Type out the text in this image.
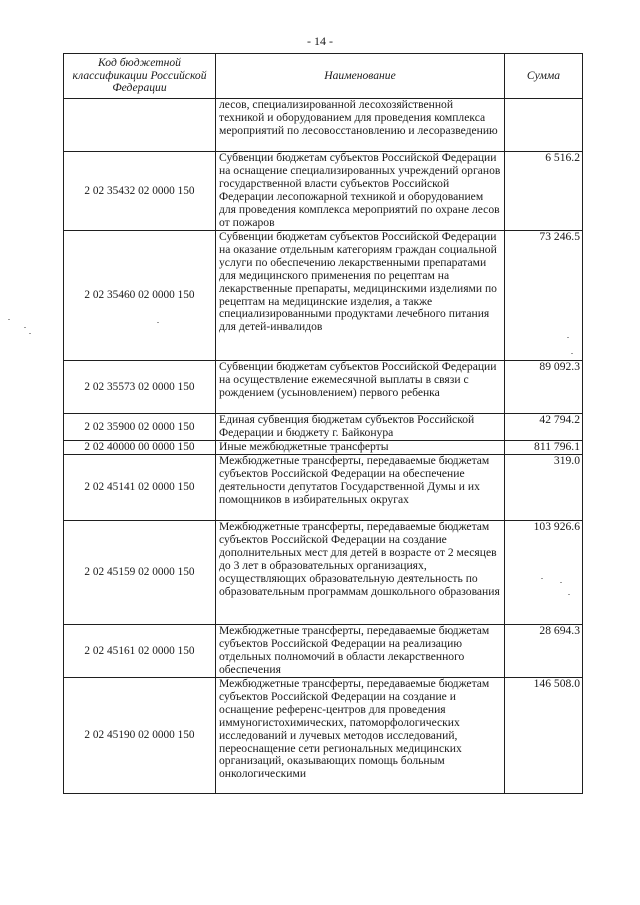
- 14 -
Код бюджетной классификации Российской Федерации	Наименование	Сумма
	лесов, специализированной лесохозяйственной техникой и оборудованием для проведения комплекса мероприятий по лесовосстановлению и лесоразведению	
2 02 35432 02 0000 150	Субвенции бюджетам субъектов Российской Федерации на оснащение специализированных учреждений органов государственной власти субъектов Российской Федерации лесопожарной техникой и оборудованием для проведения комплекса мероприятий по охране лесов от пожаров	6 516.2
2 02 35460 02 0000 150	Субвенции бюджетам субъектов Российской Федерации на оказание отдельным категориям граждан социальной услуги по обеспечению лекарственными препаратами для медицинского применения по рецептам на лекарственные препараты, медицинскими изделиями по рецептам на медицинские изделия, а также специализированными продуктами лечебного питания для детей-инвалидов	73 246.5
2 02 35573 02 0000 150	Субвенции бюджетам субъектов Российской Федерации на осуществление ежемесячной выплаты в связи с рождением (усыновлением) первого ребенка	89 092.3
2 02 35900 02 0000 150	Единая субвенция бюджетам субъектов Российской Федерации и бюджету г. Байконура	42 794.2
2 02 40000 00 0000 150	Иные межбюджетные трансферты	811 796.1
2 02 45141 02 0000 150	Межбюджетные трансферты, передаваемые бюджетам субъектов Российской Федерации на обеспечение деятельности депутатов Государственной Думы и их помощников в избирательных округах	319.0
2 02 45159 02 0000 150	Межбюджетные трансферты, передаваемые бюджетам субъектов Российской Федерации на создание дополнительных мест для детей в возрасте от 2 месяцев до 3 лет в образовательных организациях, осуществляющих образовательную деятельность по образовательным программам дошкольного образования	103 926.6
2 02 45161 02 0000 150	Межбюджетные трансферты, передаваемые бюджетам субъектов Российской Федерации на реализацию отдельных полномочий в области лекарственного обеспечения	28 694.3
2 02 45190 02 0000 150	Межбюджетные трансферты, передаваемые бюджетам субъектов Российской Федерации на создание и оснащение референс-центров для проведения иммуногистохимических, патоморфологических исследований и лучевых методов исследований, переоснащение сети региональных медицинских организаций, оказывающих помощь больным онкологическими	146 508.0
